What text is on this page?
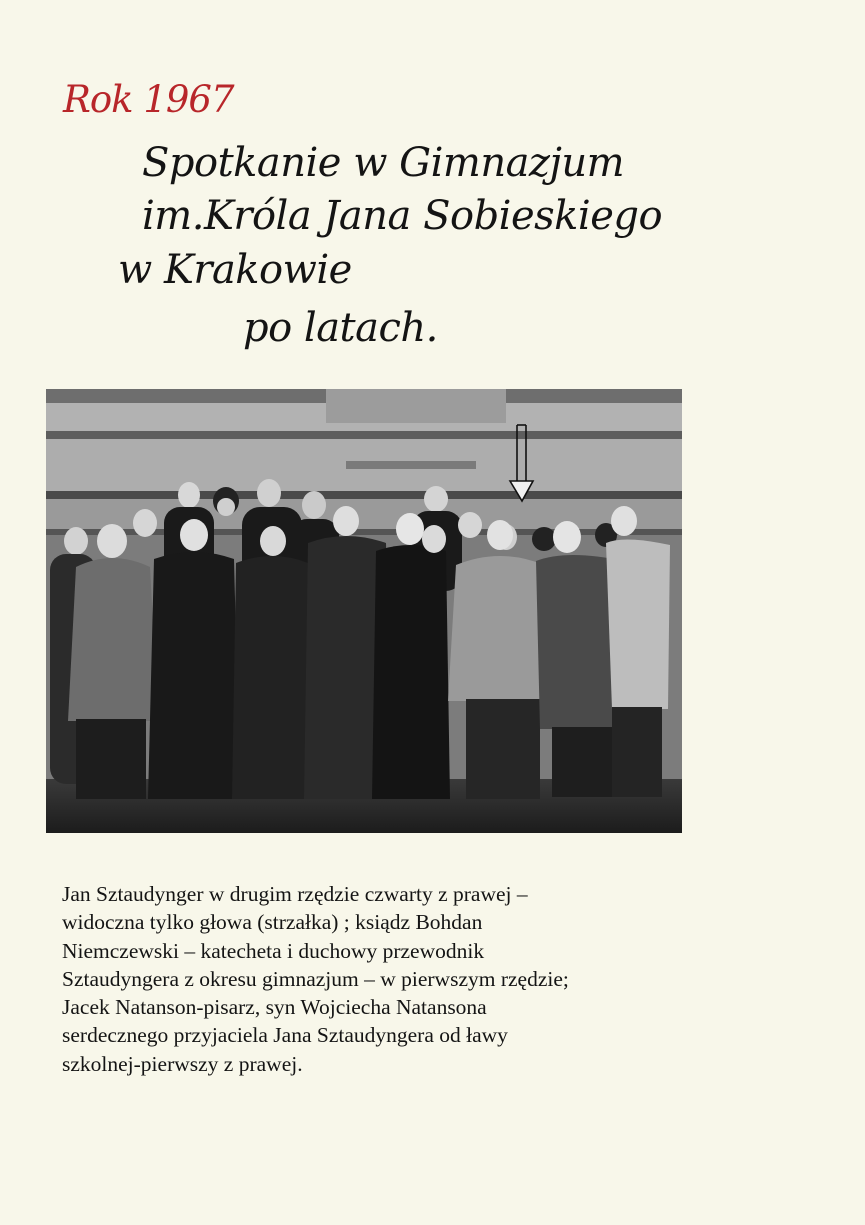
Rok 1967
Spotkanie w Gimnazjum
im.Króla Jana Sobieskiego
w Krakowie
po latach.
Jan Sztaudynger w drugim rzędzie czwarty z prawej –
widoczna tylko głowa (strzałka) ; ksiądz Bohdan
Niemczewski – katecheta i duchowy przewodnik
Sztaudyngera z okresu gimnazjum – w pierwszym rzędzie;
Jacek Natanson-pisarz, syn Wojciecha Natansona
serdecznego przyjaciela Jana Sztaudyngera od ławy
szkolnej-pierwszy z prawej.
